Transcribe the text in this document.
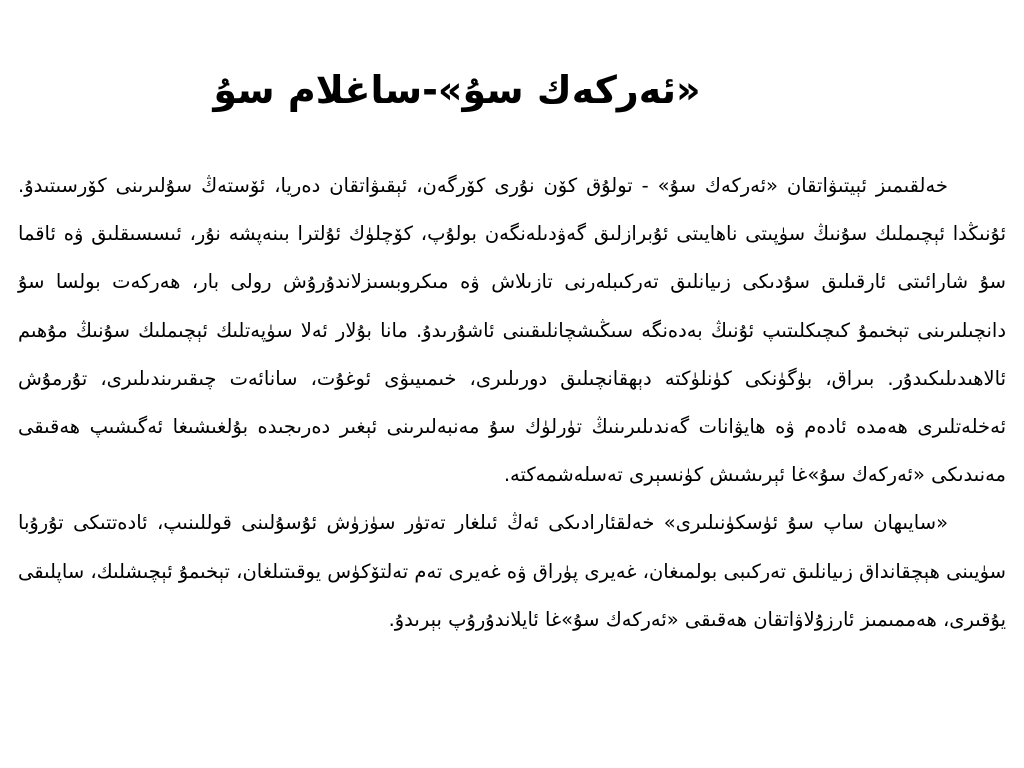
«ئەركەك سۇ»-ساغلام سۇ

خەلقىمىز ئېيتىۋاتقان «ئەركەك سۇ» - تولۇق كۆن نۇرى كۆرگەن، ئېقىۋاتقان دەريا، ئۆستەڭ سۇلىرىنى كۆرسىتىدۇ. ئۇنىڭدا ئېچىملىك سۇنىڭ سۈپىتى ناھايىتى ئۇبرازلىق گەۋدىلەنگەن بولۇپ، كۆچلۈك ئۇلترا بىنەپشە نۇر، ئىسسىقلىق ۋە ئاقما سۇ شارائىتى ئارقىلىق سۇدىكى زىيانلىق تەركىبلەرنى تازىلاش ۋە مىكروبسىزلاندۇرۇش رولى بار، ھەركەت بولسا سۇ دانچىلىرىنى تېخىمۇ كىچىكلىتىپ ئۇنىڭ بەدەنگە سىڭىشچانلىقىنى ئاشۇرىدۇ. مانا بۇلار ئەلا سۈپەتلىك ئېچىملىك سۇنىڭ مۇھىم ئالاھىدىلىكىدۇر. بىراق، بۈگۈنكى كۈنلۈكتە دېھقانچىلىق دورىلىرى، خىمىيىۋى ئوغۇت، سانائەت چىقىرىندىلىرى، تۇرمۇش ئەخلەتلىرى ھەمدە ئادەم ۋە ھايۋانات گەندىلىرىنىڭ تۈرلۈك سۇ مەنبەلىرىنى ئېغىر دەرىجىدە بۇلغىشىغا ئەگىشىپ ھەقىقى مەنىدىكى «ئەركەك سۇ»غا ئېرىشىش كۈنسېرى تەسلەشمەكتە.

«سايىھان ساپ سۇ ئۈسكۈنىلىرى» خەلقئارادىكى ئەڭ ئىلغار تەتۈر سۈزۈش ئۇسۇلىنى قوللىنىپ، ئادەتتىكى تۇرۇبا سۈيىنى ھېچقانداق زىيانلىق تەركىبى بولمىغان، غەيرى پۈراق ۋە غەيرى تەم تەلتۆكۈس يوقىتىلغان، تېخىمۇ ئېچىشلىك، ساپلىقى يۇقىرى، ھەممىمىز ئارزۇلاۋاتقان ھەقىقى «ئەركەك سۇ»غا ئايلاندۇرۇپ بېرىدۇ.
